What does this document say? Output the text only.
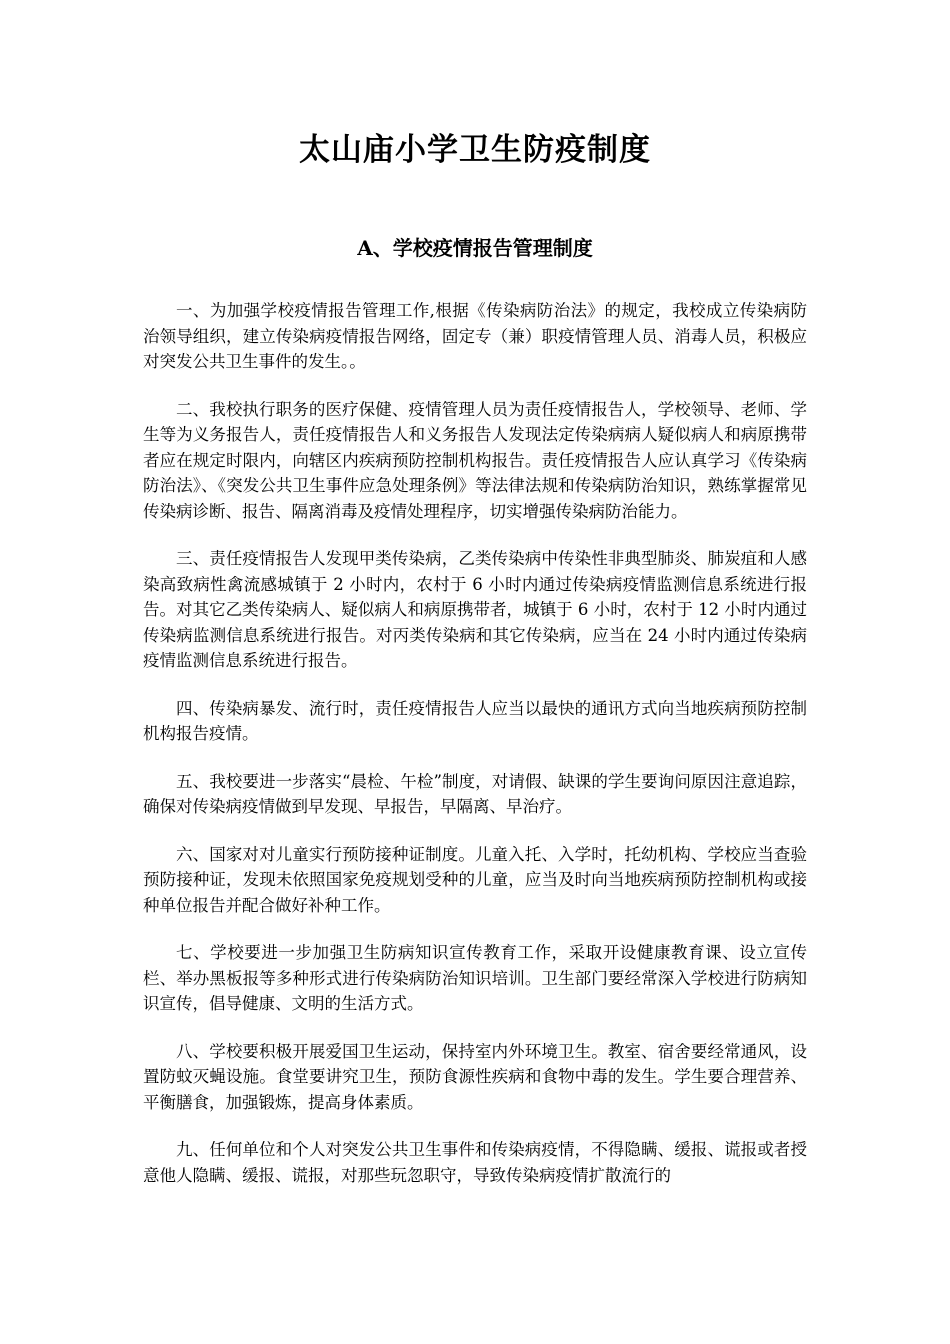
太山庙小学卫生防疫制度
A、学校疫情报告管理制度

一、为加强学校疫情报告管理工作,根据《传染病防治法》的规定，我校成立传染病防治领导组织，建立传染病疫情报告网络，固定专（兼）职疫情管理人员、消毒人员，积极应对突发公共卫生事件的发生。。

二、我校执行职务的医疗保健、疫情管理人员为责任疫情报告人，学校领导、老师、学生等为义务报告人，责任疫情报告人和义务报告人发现法定传染病病人疑似病人和病原携带者应在规定时限内，向辖区内疾病预防控制机构报告。责任疫情报告人应认真学习《传染病防治法》、《突发公共卫生事件应急处理条例》等法律法规和传染病防治知识，熟练掌握常见传染病诊断、报告、隔离消毒及疫情处理程序，切实增强传染病防治能力。

三、责任疫情报告人发现甲类传染病，乙类传染病中传染性非典型肺炎、肺炭疽和人感染高致病性禽流感城镇于 2 小时内，农村于 6 小时内通过传染病疫情监测信息系统进行报告。对其它乙类传染病人、疑似病人和病原携带者，城镇于 6 小时，农村于 12 小时内通过传染病监测信息系统进行报告。对丙类传染病和其它传染病，应当在 24 小时内通过传染病疫情监测信息系统进行报告。

四、传染病暴发、流行时，责任疫情报告人应当以最快的通讯方式向当地疾病预防控制机构报告疫情。

五、我校要进一步落实“晨检、午检”制度，对请假、缺课的学生要询问原因注意追踪，确保对传染病疫情做到早发现、早报告，早隔离、早治疗。

六、国家对对儿童实行预防接种证制度。儿童入托、入学时，托幼机构、学校应当查验预防接种证，发现未依照国家免疫规划受种的儿童，应当及时向当地疾病预防控制机构或接种单位报告并配合做好补种工作。

七、学校要进一步加强卫生防病知识宣传教育工作，采取开设健康教育课、设立宣传栏、举办黑板报等多种形式进行传染病防治知识培训。卫生部门要经常深入学校进行防病知识宣传，倡导健康、文明的生活方式。

八、学校要积极开展爱国卫生运动，保持室内外环境卫生。教室、宿舍要经常通风，设置防蚊灭蝇设施。食堂要讲究卫生，预防食源性疾病和食物中毒的发生。学生要合理营养、平衡膳食，加强锻炼，提高身体素质。

九、任何单位和个人对突发公共卫生事件和传染病疫情，不得隐瞒、缓报、谎报或者授意他人隐瞒、缓报、谎报，对那些玩忽职守，导致传染病疫情扩散流行的
